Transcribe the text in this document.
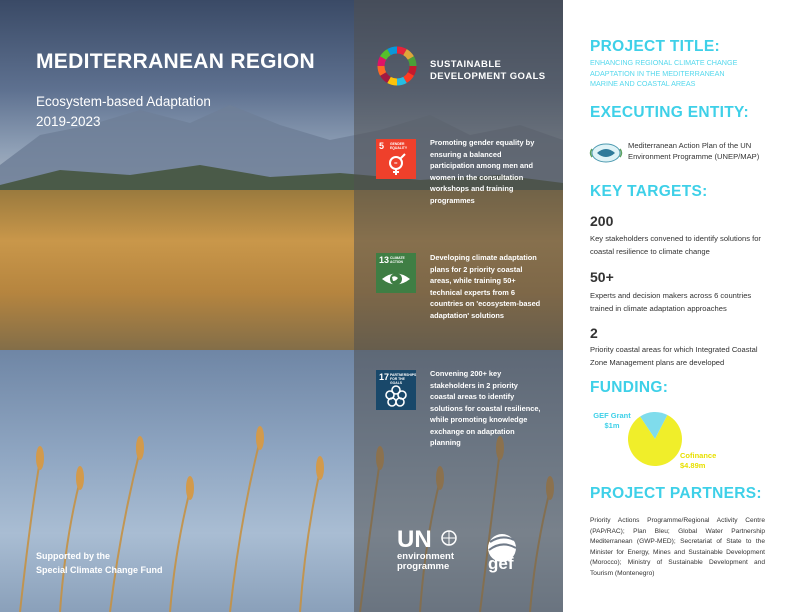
MEDITERRANEAN REGION
Ecosystem-based Adaptation
2019-2023
Supported by the
Special Climate Change Fund
SUSTAINABLE
DEVELOPMENT GOALS
5 GENDER EQUALITY
=
Promoting gender equality by ensuring a balanced participation among men and women in the consultation workshops and training programmes
13 CLIMATE ACTION	Developing climate adaptation plans for 2 priority coastal areas, while training 50+ technical experts from 6 countries on 'ecosystem-based adaptation' solutions
17 PARTNERSHIPS FOR THE GOALS
Convening 200+ key stakeholders in 2 priority coastal areas to identify solutions for coastal resilience, while promoting knowledge exchange on adaptation planning
UN
environment
programme gef
PROJECT TITLE:
ENHANCING REGIONAL CLIMATE CHANGE ADAPTATION IN THE MEDITERRANEAN MARINE AND COASTAL AREAS
EXECUTING ENTITY:
Mediterranean Action Plan of the UN Environment Programme (UNEP/MAP)
KEY TARGETS:
200
Key stakeholders convened to identify solutions for coastal resilience to climate change
50+
Experts and decision makers across 6 countries trained in climate adaptation approaches
2
Priority coastal areas for which Integrated Coastal Zone Management plans are developed
FUNDING:
GEF Grant
$1m
Cofinance
$4.89m
PROJECT PARTNERS:
Priority Actions Programme/Regional Activity Centre (PAP/RAC); Plan Bleu; Global Water Partnership Mediterranean (GWP-MED); Secretariat of State to the Minister for Energy, Mines and Sustainable Development (Morocco); Ministry of Sustainable Development and Tourism (Montenegro)
